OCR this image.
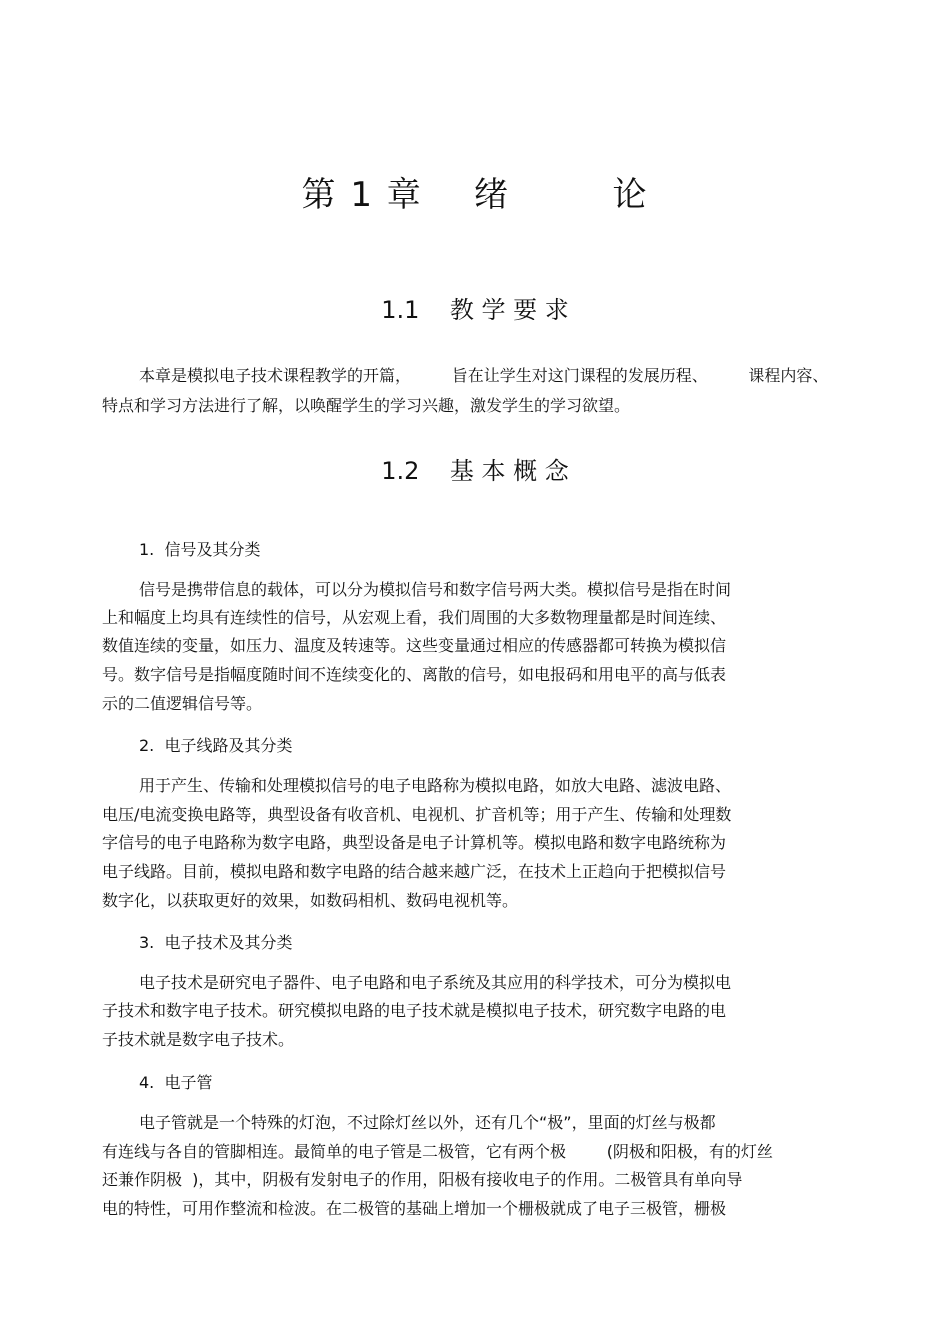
第 1 章    绪        论
1.1    教 学 要 求
本章是模拟电子技术课程教学的开篇，        旨在让学生对这门课程的发展历程、        课程内容、
特点和学习方法进行了解，以唤醒学生的学习兴趣，激发学生的学习欲望。
1.2    基 本 概 念
1.  信号及其分类
信号是携带信息的载体，可以分为模拟信号和数字信号两大类。模拟信号是指在时间
上和幅度上均具有连续性的信号，从宏观上看，我们周围的大多数物理量都是时间连续、
数值连续的变量，如压力、温度及转速等。这些变量通过相应的传感器都可转换为模拟信
号。数字信号是指幅度随时间不连续变化的、离散的信号，如电报码和用电平的高与低表
示的二值逻辑信号等。
2.  电子线路及其分类
用于产生、传输和处理模拟信号的电子电路称为模拟电路，如放大电路、滤波电路、
电压/电流变换电路等，典型设备有收音机、电视机、扩音机等；用于产生、传输和处理数
字信号的电子电路称为数字电路，典型设备是电子计算机等。模拟电路和数字电路统称为
电子线路。目前，模拟电路和数字电路的结合越来越广泛，在技术上正趋向于把模拟信号
数字化，以获取更好的效果，如数码相机、数码电视机等。
3.  电子技术及其分类
电子技术是研究电子器件、电子电路和电子系统及其应用的科学技术，可分为模拟电
子技术和数字电子技术。研究模拟电路的电子技术就是模拟电子技术，研究数字电路的电
子技术就是数字电子技术。
4.  电子管
电子管就是一个特殊的灯泡，不过除灯丝以外，还有几个“极”，里面的灯丝与极都
有连线与各自的管脚相连。最简单的电子管是二极管，它有两个极        (阴极和阳极，有的灯丝
还兼作阴极  )，其中，阴极有发射电子的作用，阳极有接收电子的作用。二极管具有单向导
电的特性，可用作整流和检波。在二极管的基础上增加一个栅极就成了电子三极管，栅极
